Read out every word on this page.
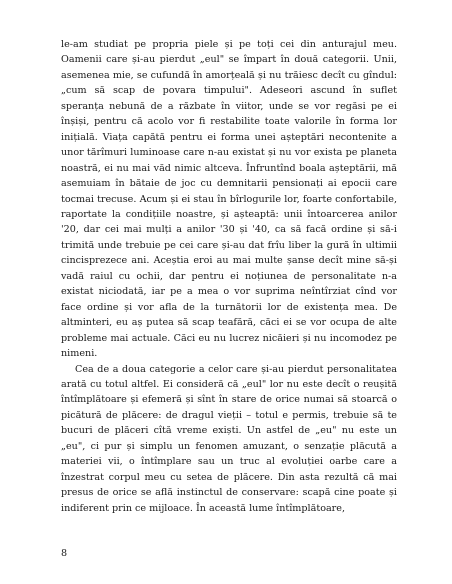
le-am studiat pe propria piele și pe toți cei din anturajul meu. Oamenii care și-au pierdut „eul" se împart în două categorii. Unii, asemenea mie, se cufundă în amorțeală și nu trăiesc decît cu gîndul: „cum să scap de povara timpului". Adeseori ascund în suflet speranța nebună de a răzbate în viitor, unde se vor regăsi pe ei înșiși, pentru că acolo vor fi restabilite toate valorile în forma lor inițială. Viața capătă pentru ei forma unei așteptări necontenite a unor tărîmuri luminoase care n-au existat și nu vor exista pe planeta noastră, ei nu mai văd nimic altceva. Înfruntînd boala așteptării, mă asemuiam în bătaie de joc cu demnitarii pensionați ai epocii care tocmai trecuse. Acum și ei stau în bîrlogurile lor, foarte confortabile, raportate la condițiile noastre, și așteaptă: unii întoarcerea anilor '20, dar cei mai mulți a anilor '30 și '40, ca să facă ordine și să-i trimită unde trebuie pe cei care și-au dat frîu liber la gură în ultimii cincisprezece ani. Aceștia eroi au mai multe șanse decît mine să-și vadă raiul cu ochii, dar pentru ei noțiunea de personalitate n-a existat niciodată, iar pe a mea o vor suprima neîntîrziat cînd vor face ordine și vor afla de la turnătorii lor de existența mea. De altminteri, eu aș putea să scap teafără, căci ei se vor ocupa de alte probleme mai actuale. Căci eu nu lucrez nicăieri și nu incomodez pe nimeni.

Cea de a doua categorie a celor care și-au pierdut personalitatea arată cu totul altfel. Ei consideră că „eul" lor nu este decît o reușită întîmplătoare și efemeră și sînt în stare de orice numai să stoarcă o picătură de plăcere: de dragul vieții – totul e permis, trebuie să te bucuri de plăceri cîtă vreme exiști. Un astfel de „eu" nu este un „eu", ci pur și simplu un fenomen amuzant, o senzație plăcută a materiei vii, o întîmplare sau un truc al evoluției oarbe care a înzestrat corpul meu cu setea de plăcere. Din asta rezultă că mai presus de orice se află instinctul de conservare: scapă cine poate și indiferent prin ce mijloace. În această lume întîmplătoare,

8
